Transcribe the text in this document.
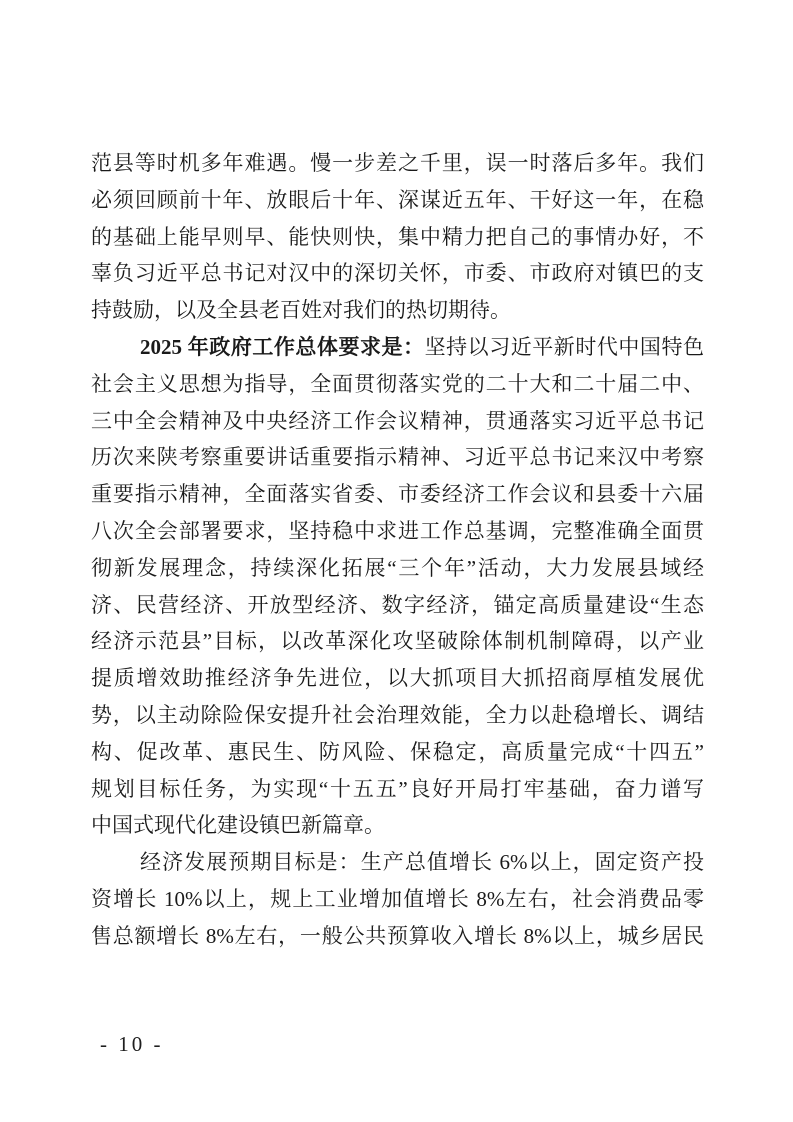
范县等时机多年难遇。慢一步差之千里，误一时落后多年。我们
必须回顾前十年、放眼后十年、深谋近五年、干好这一年，在稳
的基础上能早则早、能快则快，集中精力把自己的事情办好，不
辜负习近平总书记对汉中的深切关怀，市委、市政府对镇巴的支
持鼓励，以及全县老百姓对我们的热切期待。
2025 年政府工作总体要求是：坚持以习近平新时代中国特色
社会主义思想为指导，全面贯彻落实党的二十大和二十届二中、
三中全会精神及中央经济工作会议精神，贯通落实习近平总书记
历次来陕考察重要讲话重要指示精神、习近平总书记来汉中考察
重要指示精神，全面落实省委、市委经济工作会议和县委十六届
八次全会部署要求，坚持稳中求进工作总基调，完整准确全面贯
彻新发展理念，持续深化拓展“三个年”活动，大力发展县域经
济、民营经济、开放型经济、数字经济，锚定高质量建设“生态
经济示范县”目标，以改革深化攻坚破除体制机制障碍，以产业
提质增效助推经济争先进位，以大抓项目大抓招商厚植发展优
势，以主动除险保安提升社会治理效能，全力以赴稳增长、调结
构、促改革、惠民生、防风险、保稳定，高质量完成“十四五”
规划目标任务，为实现“十五五”良好开局打牢基础，奋力谱写
中国式现代化建设镇巴新篇章。
经济发展预期目标是：生产总值增长 6%以上，固定资产投
资增长 10%以上，规上工业增加值增长 8%左右，社会消费品零
售总额增长 8%左右，一般公共预算收入增长 8%以上，城乡居民
- 10 -
